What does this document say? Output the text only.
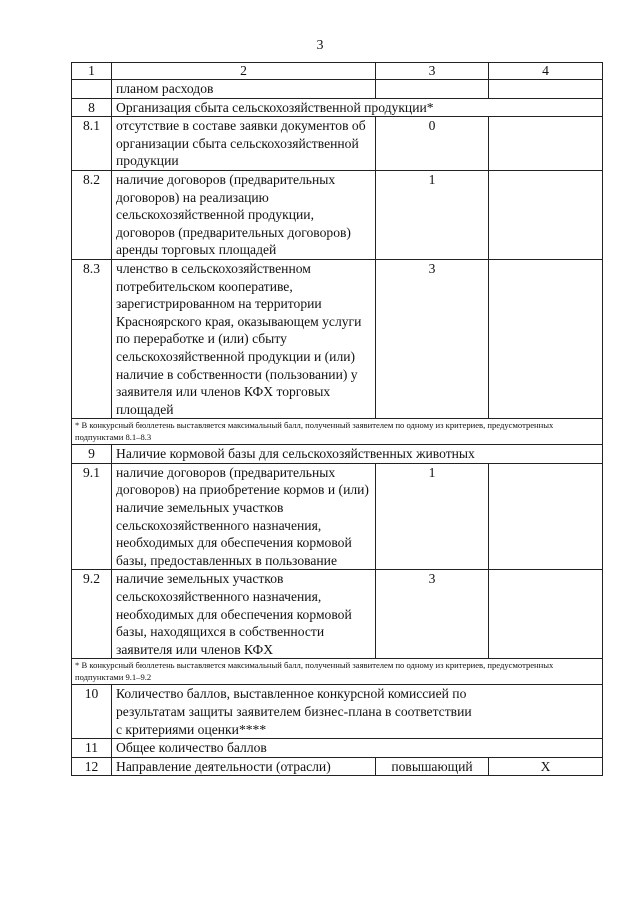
3
1	2	3	4
	планом расходов		
8	Организация сбыта сельскохозяйственной продукции*		
8.1	отсутствие в составе заявки документов об организации сбыта сельскохозяйственной продукции	0	
8.2	наличие договоров (предварительных договоров) на реализацию сельскохозяйственной продукции, договоров (предварительных договоров) аренды торговых площадей	1	
8.3	членство в сельскохозяйственном потребительском кооперативе, зарегистрированном на территории Красноярского края, оказывающем услуги по переработке и (или) сбыту сельскохозяйственной продукции и (или) наличие в собственности (пользовании) у заявителя или членов КФХ торговых площадей	3	
* В конкурсный бюллетень выставляется максимальный балл, полученный заявителем по одному из критериев, предусмотренных подпунктами 8.1–8.3			
9	Наличие кормовой базы для сельскохозяйственных животных		
9.1	наличие договоров (предварительных договоров) на приобретение кормов и (или) наличие земельных участков сельскохозяйственного назначения, необходимых для обеспечения кормовой базы, предоставленных в пользование	1	
9.2	наличие земельных участков сельскохозяйственного назначения, необходимых для обеспечения кормовой базы, находящихся в собственности заявителя или членов КФХ	3	
* В конкурсный бюллетень выставляется максимальный балл, полученный заявителем по одному из критериев, предусмотренных подпунктами 9.1–9.2			
10	Количество баллов, выставленное конкурсной комиссией по результатам защиты заявителем бизнес-плана в соответствии с критериями оценки****		
11	Общее количество баллов		
12	Направление деятельности (отрасли)	повышающий	Х
